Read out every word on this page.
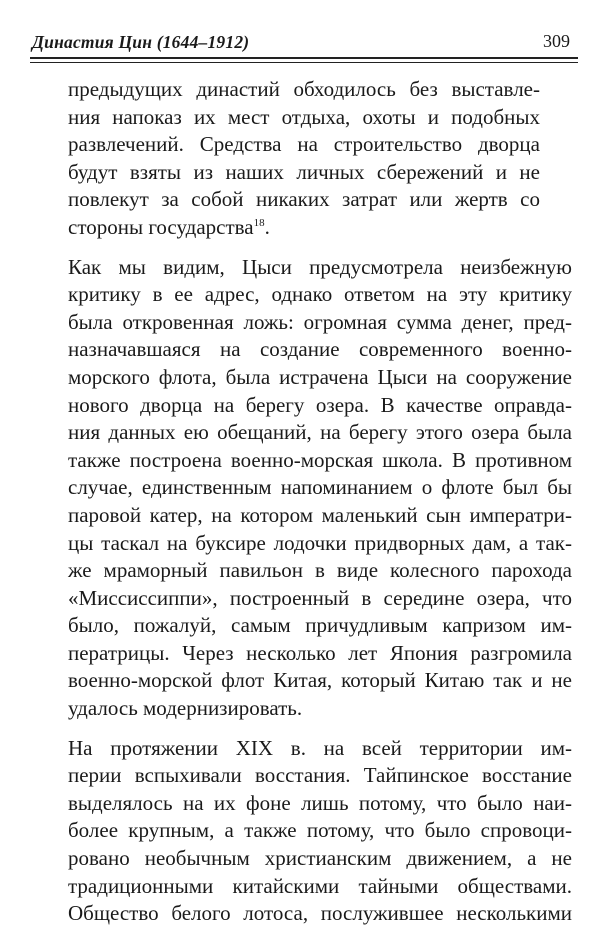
Династия Цин (1644–1912)	309
предыдущих династий обходилось без выставле-
ния напоказ их мест отдыха, охоты и подобных
развлечений. Средства на строительство дворца
будут взяты из наших личных сбережений и не
повлекут за собой никаких затрат или жертв со
стороны государства$^{18}$.
Как мы видим, Цыси предусмотрела неизбежную
критику в ее адрес, однако ответом на эту критику
была откровенная ложь: огромная сумма денег, пред-
назначавшаяся на создание современного военно-
морского флота, была истрачена Цыси на сооружение
нового дворца на берегу озера. В качестве оправда-
ния данных ею обещаний, на берегу этого озера была
также построена военно-морская школа. В противном
случае, единственным напоминанием о флоте был бы
паровой катер, на котором маленький сын императри-
цы таскал на буксире лодочки придворных дам, а так-
же мраморный павильон в виде колесного парохода
«Миссиссиппи», построенный в середине озера, что
было, пожалуй, самым причудливым капризом им-
ператрицы. Через несколько лет Япония разгромила
военно-морской флот Китая, который Китаю так и не
удалось модернизировать.
На протяжении XIX в. на всей территории им-
перии вспыхивали восстания. Тайпинское восстание
выделялось на их фоне лишь потому, что было наи-
более крупным, а также потому, что было спровоци-
ровано необычным христианским движением, а не
традиционными китайскими тайными обществами.
Общество белого лотоса, послужившее несколькими
